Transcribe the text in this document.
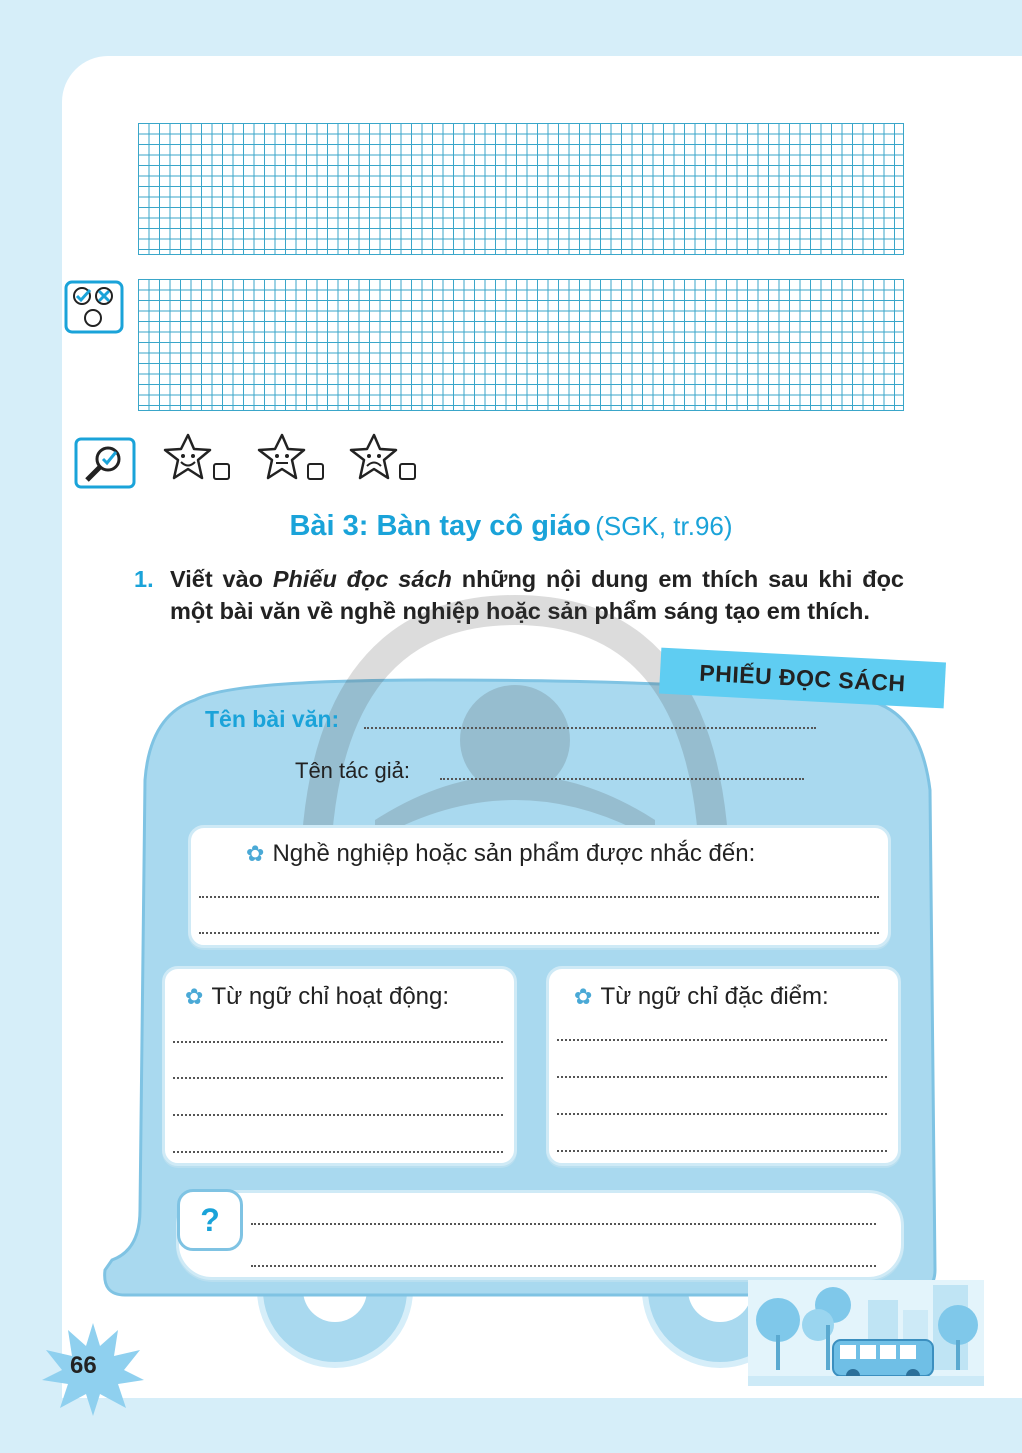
Bài 3: Bàn tay cô giáo (SGK, tr.96)
1. Viết vào Phiếu đọc sách những nội dung em thích sau khi đọc một bài văn về nghề nghiệp hoặc sản phẩm sáng tạo em thích.
PHIẾU ĐỌC SÁCH
Tên bài văn:
Tên tác giả:
✿ Nghề nghiệp hoặc sản phẩm được nhắc đến:
✿ Từ ngữ chỉ hoạt động:	✿ Từ ngữ chỉ đặc điểm:
?
66
